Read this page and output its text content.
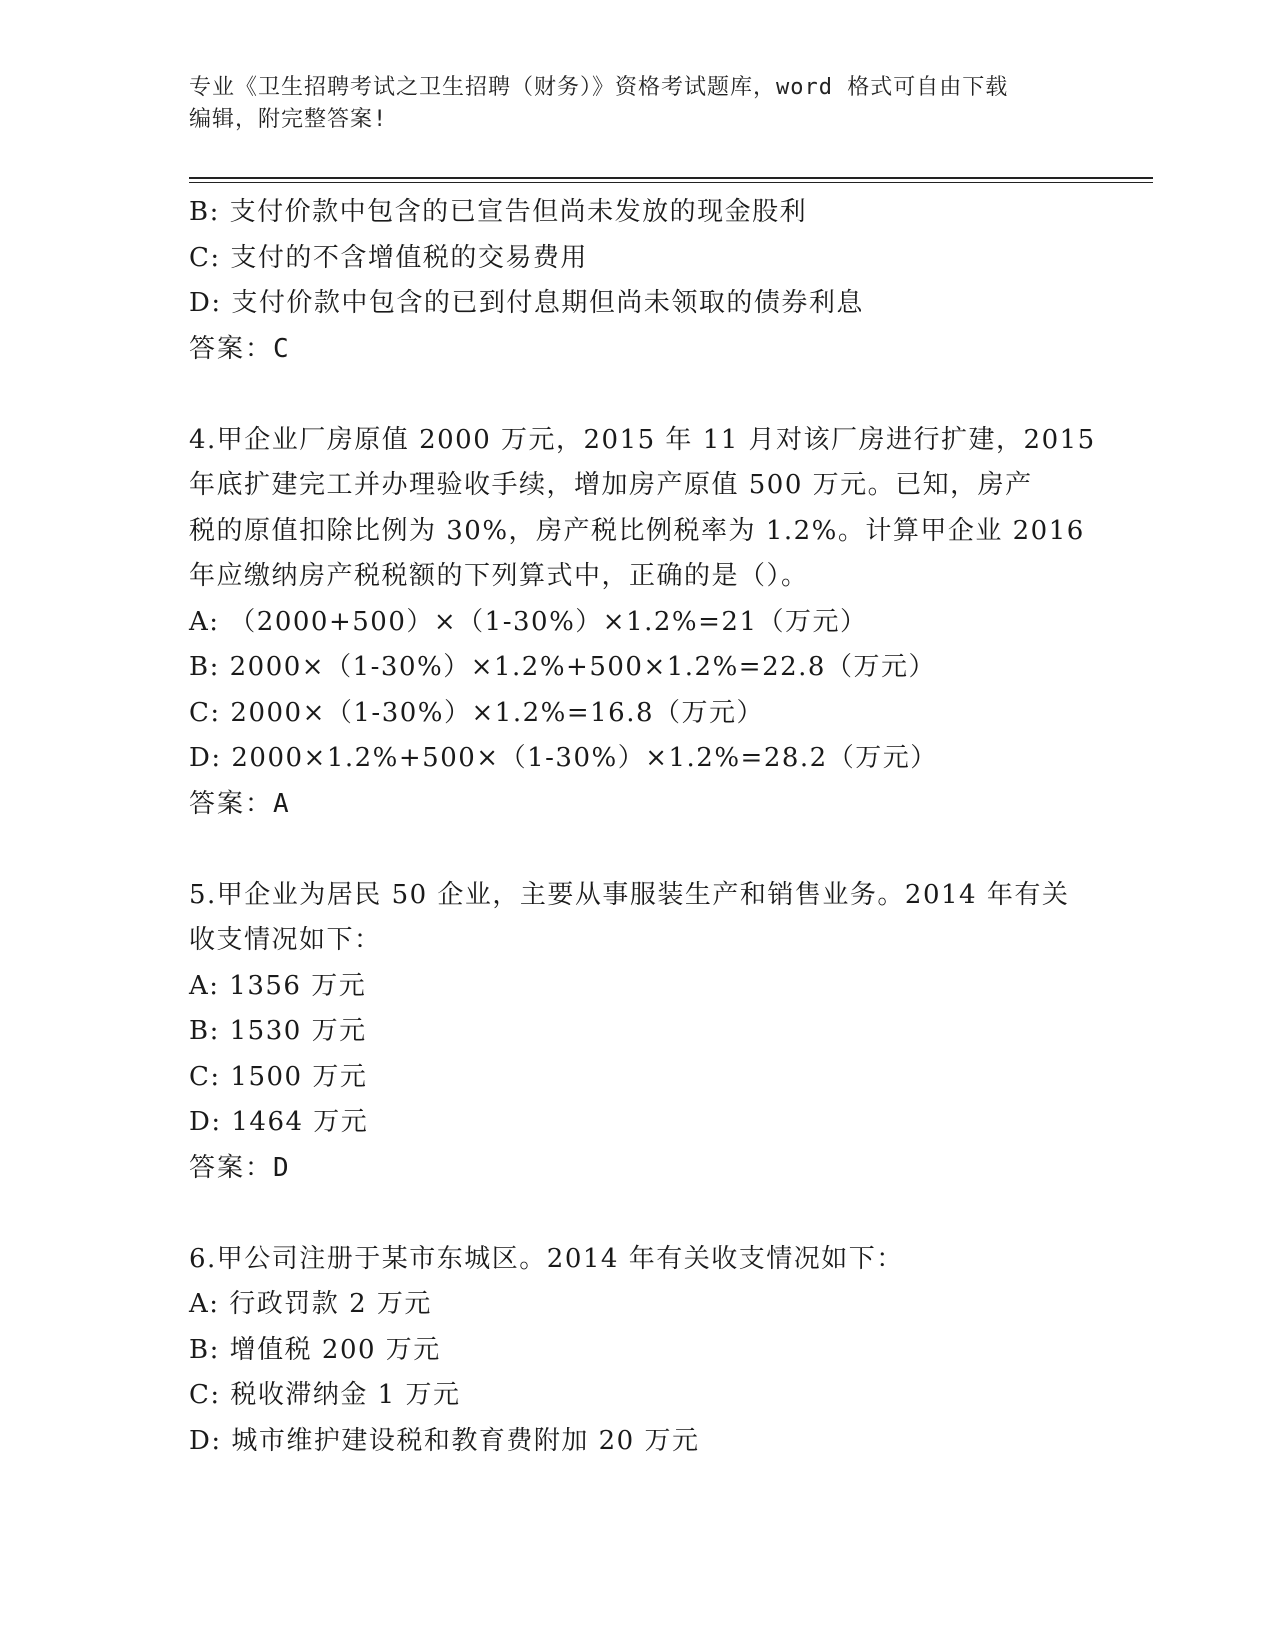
专业《卫生招聘考试之卫生招聘（财务）》资格考试题库，word 格式可自由下载
编辑，附完整答案!
B: 支付价款中包含的已宣告但尚未发放的现金股利
C: 支付的不含增值税的交易费用
D: 支付价款中包含的已到付息期但尚未领取的债券利息
答案：C
4.甲企业厂房原值 2000 万元，2015 年 11 月对该厂房进行扩建，2015
年底扩建完工并办理验收手续，增加房产原值 500 万元。已知，房产
税的原值扣除比例为 30%，房产税比例税率为 1.2%。计算甲企业 2016
年应缴纳房产税税额的下列算式中，正确的是（）。
A: （2000+500）×（1-30%）×1.2%=21（万元）
B: 2000×（1-30%）×1.2%+500×1.2%=22.8（万元）
C: 2000×（1-30%）×1.2%=16.8（万元）
D: 2000×1.2%+500×（1-30%）×1.2%=28.2（万元）
答案：A
5.甲企业为居民 50 企业，主要从事服装生产和销售业务。2014 年有关
收支情况如下：
A: 1356 万元
B: 1530 万元
C: 1500 万元
D: 1464 万元
答案：D
6.甲公司注册于某市东城区。2014 年有关收支情况如下：
A: 行政罚款 2 万元
B: 增值税 200 万元
C: 税收滞纳金 1 万元
D: 城市维护建设税和教育费附加 20 万元
